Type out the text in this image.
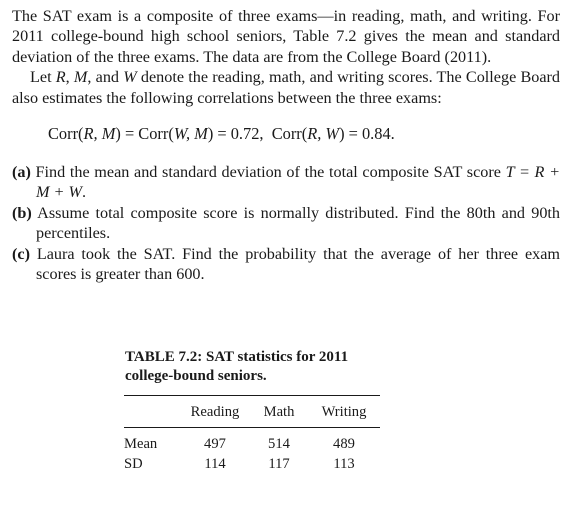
The SAT exam is a composite of three exams—in reading, math, and writing. For 2011 college-bound high school seniors, Table 7.2 gives the mean and standard deviation of the three exams. The data are from the College Board (2011).

Let R, M, and W denote the reading, math, and writing scores. The College Board also estimates the following correlations between the three exams:

Corr(R, M) = Corr(W, M) = 0.72, Corr(R, W) = 0.84.

(a) Find the mean and standard deviation of the total composite SAT score T = R + M + W.

(b) Assume total composite score is normally distributed. Find the 80th and 90th percentiles.

(c) Laura took the SAT. Find the probability that the average of her three exam scores is greater than 600.

TABLE 7.2: SAT statistics for 2011 college-bound seniors.
	Reading	Math	Writing

Mean	497	514	489
SD	114	117	113
